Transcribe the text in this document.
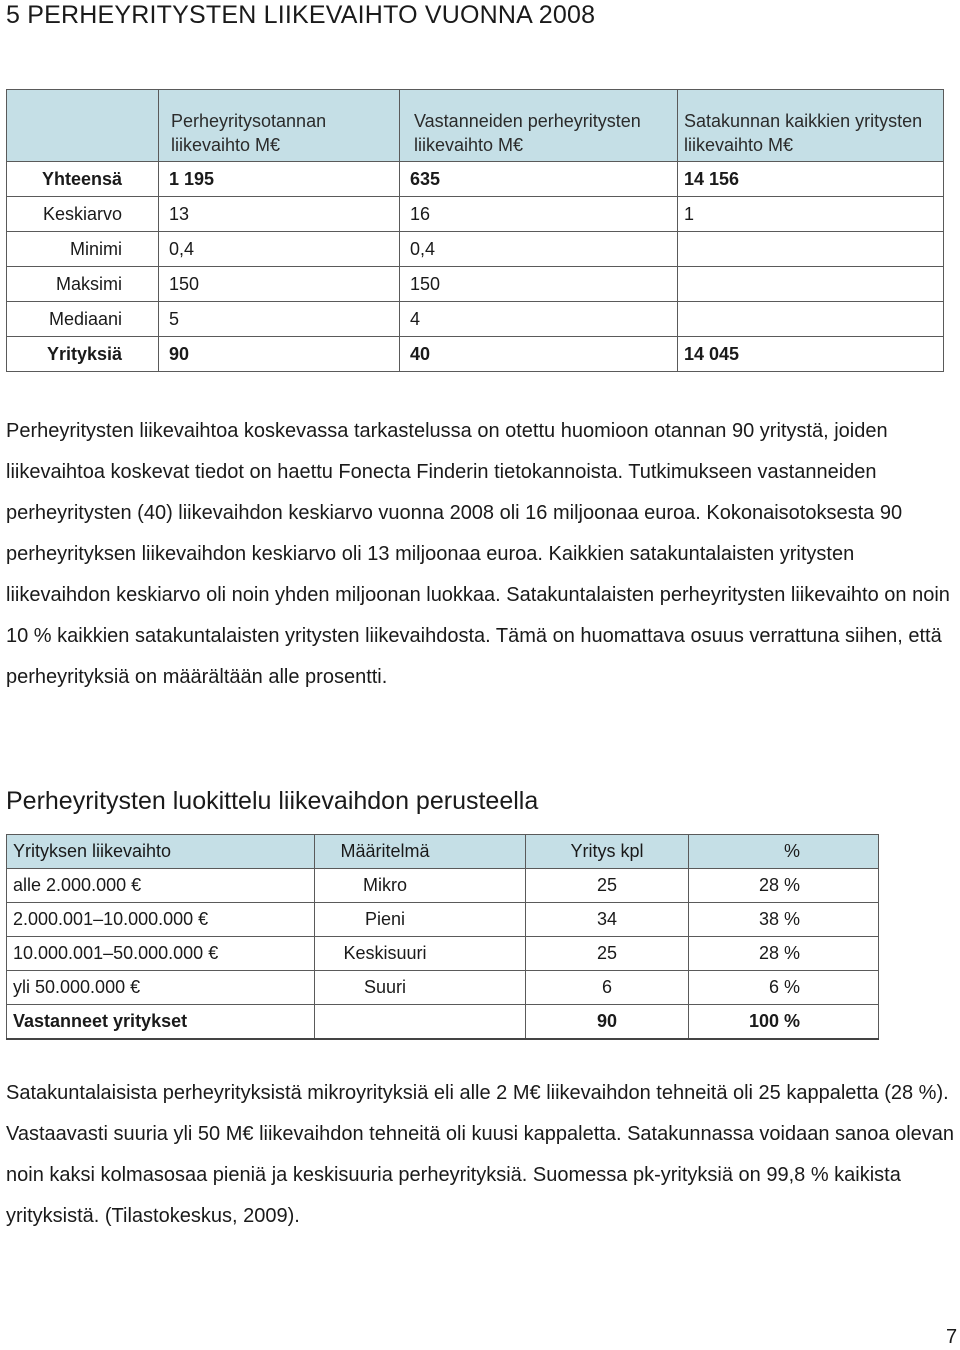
5 PERHEYRITYSTEN LIIKEVAIHTO VUONNA 2008
	Perheyritysotannan liikevaihto M€	Vastanneiden perheyritysten liikevaihto M€	Satakunnan kaikkien yritysten liikevaihto M€
Yhteensä	1 195	635	14 156
Keskiarvo	13	16	1
Minimi	0,4	0,4	
Maksimi	150	150	
Mediaani	5	4	
Yrityksiä	90	40	14 045

Perheyritysten liikevaihtoa koskevassa tarkastelussa on otettu huomioon otannan 90 yritystä, joiden liikevaihtoa koskevat tiedot on haettu Fonecta Finderin tietokannoista. Tutkimukseen vastanneiden perheyritysten (40) liikevaihdon keskiarvo vuonna 2008 oli 16 miljoonaa euroa. Kokonaisotoksesta 90 perheyrityksen liikevaihdon keskiarvo oli 13 miljoonaa euroa. Kaikkien satakuntalaisten yritysten liikevaihdon keskiarvo oli noin yhden miljoonan luokkaa. Satakuntalaisten perheyritysten liikevaihto on noin 10 % kaikkien satakuntalaisten yritysten liikevaihdosta. Tämä on huomattava osuus verrattuna siihen, että perheyrityksiä on määrältään alle prosentti.

Perheyritysten luokittelu liikevaihdon perusteella
Yrityksen liikevaihto	Määritelmä	Yritys kpl	%
alle 2.000.000 €	Mikro	25	28 %
2.000.001–10.000.000 €	Pieni	34	38 %
10.000.001–50.000.000 €	Keskisuuri	25	28 %
yli 50.000.000 €	Suuri	6	6 %
Vastanneet yritykset		90	100 %

Satakuntalaisista perheyrityksistä mikroyrityksiä eli alle 2 M€ liikevaihdon tehneitä oli 25 kappaletta (28 %). Vastaavasti suuria yli 50 M€ liikevaihdon tehneitä oli kuusi kappaletta. Satakunnassa voidaan sanoa olevan noin kaksi kolmasosaa pieniä ja keskisuuria perheyrityksiä. Suomessa pk-yrityksiä on 99,8 % kaikista yrityksistä. (Tilastokeskus, 2009).

7
